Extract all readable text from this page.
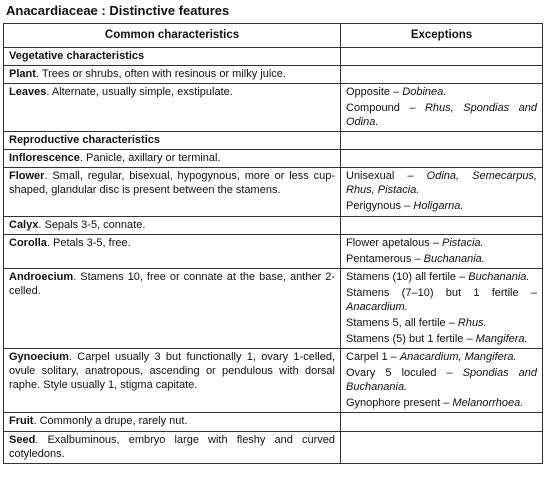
Anacardiaceae : Distinctive features
Common characteristics	Exceptions
Vegetative characteristics	
Plant. Trees or shrubs, often with resinous or milky juice.	
Leaves. Alternate, usually simple, exstipulate.	Opposite – Dobinea.
Compound – Rhus, Spondias and Odina.

Reproductive characteristics	
Inflorescence. Panicle, axillary or terminal.	
Flower. Small, regular, bisexual, hypogynous, more or less cup-shaped, glandular disc is present between the stamens.	Unisexual – Odina, Semecarpus, Rhus, Pistacia.
Perigynous – Holigarna.

Calyx. Sepals 3-5, connate.	
Corolla. Petals 3-5, free.	Flower apetalous – Pistacia.
Pentamerous – Buchanania.

Androecium. Stamens 10, free or connate at the base, anther 2-celled.	Stamens (10) all fertile – Buchanania.
Stamens (7–10) but 1 fertile – Anacardium.
Stamens 5, all fertile – Rhus.
Stamens (5) but 1 fertile – Mangifera.

Gynoecium. Carpel usually 3 but functionally 1, ovary 1-celled, ovule solitary, anatropous, ascending or pendulous with dorsal raphe. Style usually 1, stigma capitate.	Carpel 1 – Anacardium, Mangifera.
Ovary 5 loculed – Spondias and Buchanania.
Gynophore present – Melanorrhoea.

Fruit. Commonly a drupe, rarely nut.	
Seed. Exalbuminous, embryo large with fleshy and curved cotyledons.	
